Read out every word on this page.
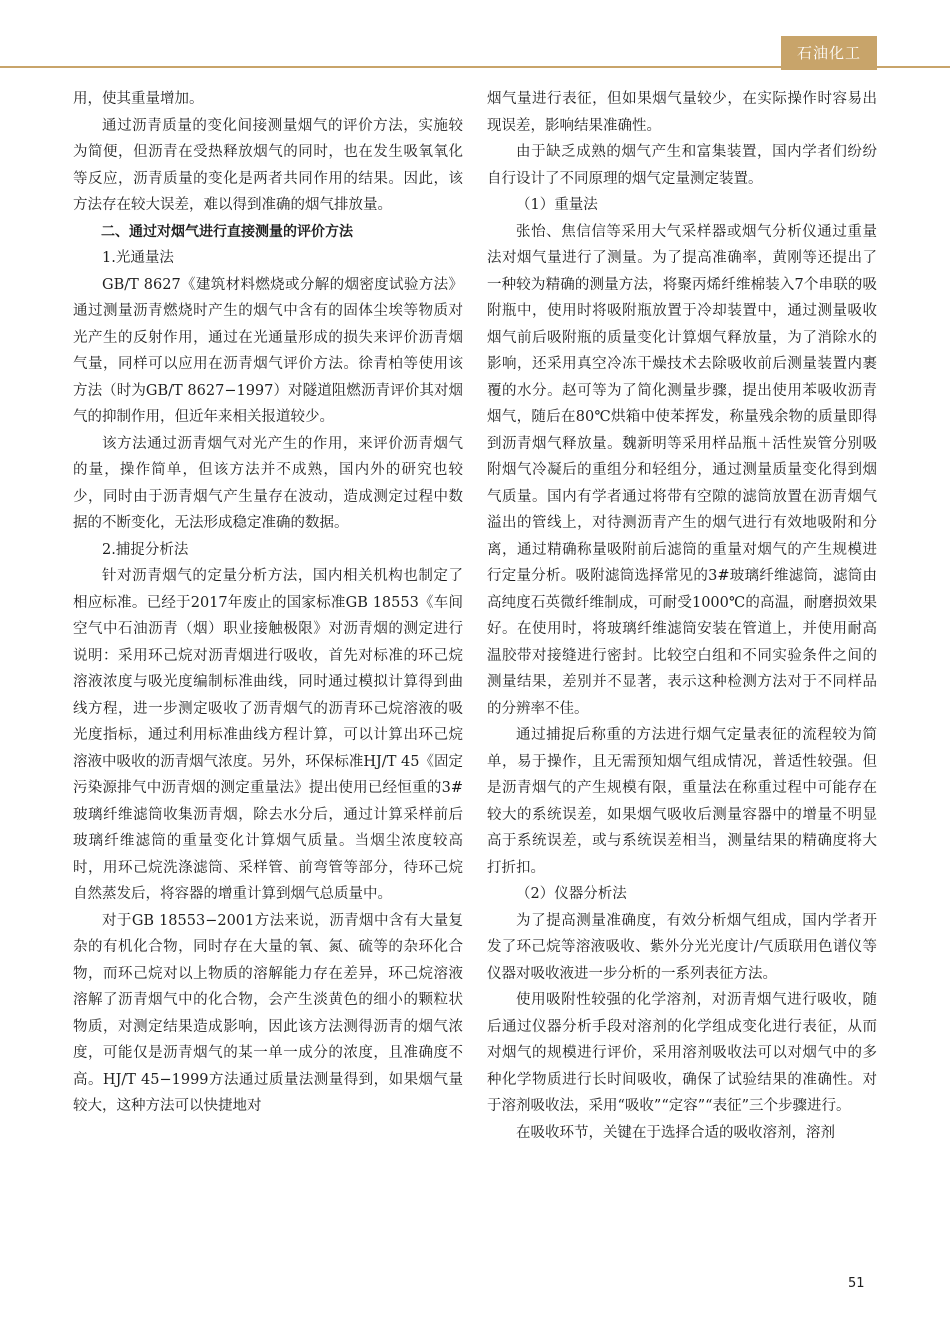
石油化工

用，使其重量增加。

通过沥青质量的变化间接测量烟气的评价方法，实施较为简便，但沥青在受热释放烟气的同时，也在发生吸氧氧化等反应，沥青质量的变化是两者共同作用的结果。因此，该方法存在较大误差，难以得到准确的烟气排放量。

二、通过对烟气进行直接测量的评价方法

1.光通量法

GB/T 8627《建筑材料燃烧或分解的烟密度试验方法》通过测量沥青燃烧时产生的烟气中含有的固体尘埃等物质对光产生的反射作用，通过在光通量形成的损失来评价沥青烟气量，同样可以应用在沥青烟气评价方法。徐青柏等使用该方法（时为GB/T 8627−1997）对隧道阻燃沥青评价其对烟气的抑制作用，但近年来相关报道较少。

该方法通过沥青烟气对光产生的作用，来评价沥青烟气的量，操作简单，但该方法并不成熟，国内外的研究也较少，同时由于沥青烟气产生量存在波动，造成测定过程中数据的不断变化，无法形成稳定准确的数据。

2.捕捉分析法

针对沥青烟气的定量分析方法，国内相关机构也制定了相应标准。已经于2017年废止的国家标准GB 18553《车间空气中石油沥青（烟）职业接触极限》对沥青烟的测定进行说明：采用环己烷对沥青烟进行吸收，首先对标准的环己烷溶液浓度与吸光度编制标准曲线，同时通过模拟计算得到曲线方程，进一步测定吸收了沥青烟气的沥青环己烷溶液的吸光度指标，通过利用标准曲线方程计算，可以计算出环己烷溶液中吸收的沥青烟气浓度。另外，环保标准HJ/T 45《固定污染源排气中沥青烟的测定重量法》提出使用已经恒重的3#玻璃纤维滤筒收集沥青烟，除去水分后，通过计算采样前后玻璃纤维滤筒的重量变化计算烟气质量。当烟尘浓度较高时，用环己烷洗涤滤筒、采样管、前弯管等部分，待环己烷自然蒸发后，将容器的增重计算到烟气总质量中。

对于GB 18553−2001方法来说，沥青烟中含有大量复杂的有机化合物，同时存在大量的氧、氮、硫等的杂环化合物，而环己烷对以上物质的溶解能力存在差异，环己烷溶液溶解了沥青烟气中的化合物，会产生淡黄色的细小的颗粒状物质，对测定结果造成影响，因此该方法测得沥青的烟气浓度，可能仅是沥青烟气的某一单一成分的浓度，且准确度不高。HJ/T 45−1999方法通过质量法测量得到，如果烟气量较大，这种方法可以快捷地对

烟气量进行表征，但如果烟气量较少，在实际操作时容易出现误差，影响结果准确性。

由于缺乏成熟的烟气产生和富集装置，国内学者们纷纷自行设计了不同原理的烟气定量测定装置。

（1）重量法

张怡、焦信信等采用大气采样器或烟气分析仪通过重量法对烟气量进行了测量。为了提高准确率，黄刚等还提出了一种较为精确的测量方法，将聚丙烯纤维棉装入7个串联的吸附瓶中，使用时将吸附瓶放置于冷却装置中，通过测量吸收烟气前后吸附瓶的质量变化计算烟气释放量，为了消除水的影响，还采用真空冷冻干燥技术去除吸收前后测量装置内裹覆的水分。赵可等为了简化测量步骤，提出使用苯吸收沥青烟气，随后在80℃烘箱中使苯挥发，称量残余物的质量即得到沥青烟气释放量。魏新明等采用样品瓶＋活性炭管分别吸附烟气冷凝后的重组分和轻组分，通过测量质量变化得到烟气质量。国内有学者通过将带有空隙的滤筒放置在沥青烟气溢出的管线上，对待测沥青产生的烟气进行有效地吸附和分离，通过精确称量吸附前后滤筒的重量对烟气的产生规模进行定量分析。吸附滤筒选择常见的3#玻璃纤维滤筒，滤筒由高纯度石英微纤维制成，可耐受1000℃的高温，耐磨损效果好。在使用时，将玻璃纤维滤筒安装在管道上，并使用耐高温胶带对接缝进行密封。比较空白组和不同实验条件之间的测量结果，差别并不显著，表示这种检测方法对于不同样品的分辨率不佳。

通过捕捉后称重的方法进行烟气定量表征的流程较为简单，易于操作，且无需预知烟气组成情况，普适性较强。但是沥青烟气的产生规模有限，重量法在称重过程中可能存在较大的系统误差，如果烟气吸收后测量容器中的增量不明显高于系统误差，或与系统误差相当，测量结果的精确度将大打折扣。

（2）仪器分析法

为了提高测量准确度，有效分析烟气组成，国内学者开发了环己烷等溶液吸收、紫外分光光度计/气质联用色谱仪等仪器对吸收液进一步分析的一系列表征方法。

使用吸附性较强的化学溶剂，对沥青烟气进行吸收，随后通过仪器分析手段对溶剂的化学组成变化进行表征，从而对烟气的规模进行评价，采用溶剂吸收法可以对烟气中的多种化学物质进行长时间吸收，确保了试验结果的准确性。对于溶剂吸收法，采用“吸收”“定容”“表征”三个步骤进行。

在吸收环节，关键在于选择合适的吸收溶剂，溶剂

51
